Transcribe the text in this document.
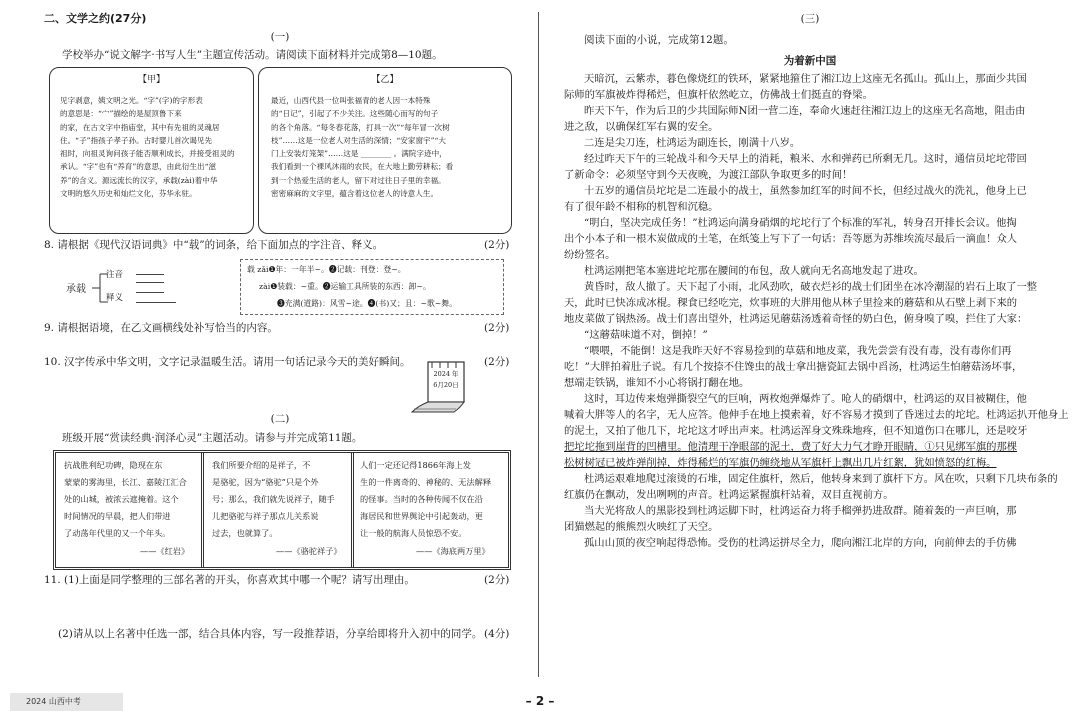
二、文学之约(27分)
(一)
学校举办“说文解字·书写人生”主题宣传活动。请阅读下面材料并完成第8—10题。
【甲】
见字剥意，姨文明之光。“字”(字)的字形表
的意思是：“宀”描绘的是屋顶鲁下来
的家，在古文字中指庙堂，其中有先祖的灵魂居
住。“子”指孩子孝子孙。古时婴儿首次谒见先
祖时，向祖灵询问孩子能否顺利成长，并接受祖灵的
承认。“字”也有“养育”的意思，由此衍生出“滋
养”的含义。源远流长的汉字，承载(zài)着中华
文明的悠久历史和灿烂文化，芬华永驻。
【乙】
最近，山西代县一位叫张福青的老人因一本特殊
的“日记”，引起了不少关注。这些随心而写的句子
的各个角落。“每冬春花落，打具一次”“每年冒一次树
枝”……这是一位老人对生活的深情；“安家窗宇”“大
门上安装灯笼架”……这是 ________ 。满院字迹中，
我们看到一个裸风沐雨的农民，在大地上勤劳耕耘；看
到一个热爱生活的老人，留下对过往日子里的幸福。
密密麻麻的文字里，蕴含着这位老人的诗意人生。
8. 请根据《现代汉语词典》中“载”的词条，给下面加点的字注音、释义。	(2分)
承载
注音
释义
载 zǎi❶年：一年半~。❷记载：刊登：登~。
zài❶装载：~重。❷运输工具所装的东西：卸~。
❸充满(道路)：风雪~途。❹(书)又；且：~歌~舞。
9. 请根据语境，在乙文画横线处补写恰当的内容。	(2分)
10. 汉字传承中华文明，文字记录温暖生活。请用一句话记录今天的美好瞬间。	(2分)
2024 年
6月20日
(二)
班级开展“赏读经典·润泽心灵”主题活动。请参与并完成第11题。
抗战胜利纪功碑，隐现在东
蒙蒙的雾海里，长江、嘉陵江汇合
处的山城，被浓云遮掩着。这个
时间情况的早晨，把人们带进
了动荡年代里的又一个年头。
——《红岩》
我们所要介绍的是祥子，不
是骆驼，因为“骆驼”只是个外
号；那么，我们就先说祥子，随手
儿把骆驼与祥子那点儿关系说
过去，也就算了。
——《骆驼祥子》
人们一定还记得1866年海上发
生的一件离奇的、神秘的、无法解释
的怪事。当时的各种传闻不仅在沿
海居民和世界舆论中引起轰动，更
让一般的航海人员惊恐不安。
——《海底两万里》
11. (1)上面是同学整理的三部名著的开头，你喜欢其中哪一个呢？请写出理由。	(2分)
(2)请从以上名著中任选一部，结合具体内容，写一段推荐语，分享给即将升入初中的同学。 (4分)
(三)
阅读下面的小说，完成第12题。
为着新中国
天暗沉，云紫赤，暮色像烧红的铁环，紧紧地箍住了湘江边上这座无名孤山。孤山上，那面少共国
际师的军旗被炸得稀烂，但旗杆依然屹立，仿佛战士们挺直的脊梁。
昨天下午，作为后卫的少共国际师N团一营二连，奉命火速赶往湘江边上的这座无名高地，阻击由
进之敌，以确保红军右翼的安全。
二连是尖刀连，杜鸿运为副连长，刚满十八岁。
经过昨天下午的三轮战斗和今天早上的消耗，粮米、水和弹药已所剩无几。这时，通信员坨坨带回
了新命令：必须坚守到今天夜晚，为渡江部队争取更多的时间！
十五岁的通信员坨坨是二连最小的战士，虽然参加红军的时间不长，但经过战火的洗礼，他身上已
有了很年龄不相称的机智和沉稳。
“明白，坚决完成任务！”杜鸿运向满身硝烟的坨坨行了个标准的军礼，转身召开排长会议。他掏
出个小本子和一根木炭做成的土笔，在纸笺上写下了一句话：吾等愿为苏维埃流尽最后一滴血！众人
纷纷签名。
杜鸿运刚把笔本塞进坨坨那在腰间的布包，敌人就向无名高地发起了进攻。
黄昏时，敌人撤了。天下起了小雨，北风劲吹，破衣烂衫的战士们团坐在冰冷潮湿的岩石上取了一整
天，此时已快冻成冰棍。稞食已经吃完，炊事班的大胖用他从林子里捡来的蘑菇和从石壁上剥下来的
地皮菜做了锅热汤。战士们喜出望外，杜鸿运见蘑菇汤透着奇怪的奶白色，俯身嗅了嗅，拦住了大家：
“这蘑菇味道不对，倒掉！”
“喂喂，不能倒！这是我昨天好不容易捡到的草菇和地皮菜，我先尝尝有没有毒，没有毒你们再
吃！”大胖拍着肚子说。有几个按捺不住馋虫的战士拿出搪瓷缸去锅中舀汤，杜鸿运生怕蘑菇汤坏事，
想端走铁锅，谁知不小心将锅打翻在地。
这时，耳边传来炮弹撕裂空气的巨响，两枚炮弹爆炸了。呛人的硝烟中，杜鸿运的双目被糊住，他
喊着大胖等人的名字，无人应答。他伸手在地上摸索着，好不容易才摸到了昏迷过去的坨坨。杜鸿运扒开他身上
的泥土，又拍了他几下，坨坨这才呼出声来。杜鸿运浑身文殊珠地疼，但不知道伤口在哪儿，还是咬牙
把坨坨拖到崖背的凹槽里。他清理干净眼部的泥土，费了好大力气才睁开眼睛，①只见绑军旗的那棵
松树树冠已被炸弹削掉，炸得稀烂的军旗仍缠绕地从军旗杆上飘出几片红絮，犹如愤怒的红梅。
杜鸿运艰难地爬过滚烫的石堆，固定住旗杆，然后，他转身来到了旗杆下方。风在吹，只剩下几块布条的
红旗仍在飘动，发出咧咧的声音。杜鸿运紧握旗杆站着，双目直视前方。
当大光将敌人的黑影投到杜鸿运脚下时，杜鸿运奋力将手榴弹扔进敌群。随着轰的一声巨响，那
团猫燃起的熊熊烈火映红了天空。
孤山山顶的夜空响起得恐怖。受伤的杜鸿运拼尽全力，爬向湘江北岸的方向，向前伸去的手仿佛
2024 山西中考	– 2 –
